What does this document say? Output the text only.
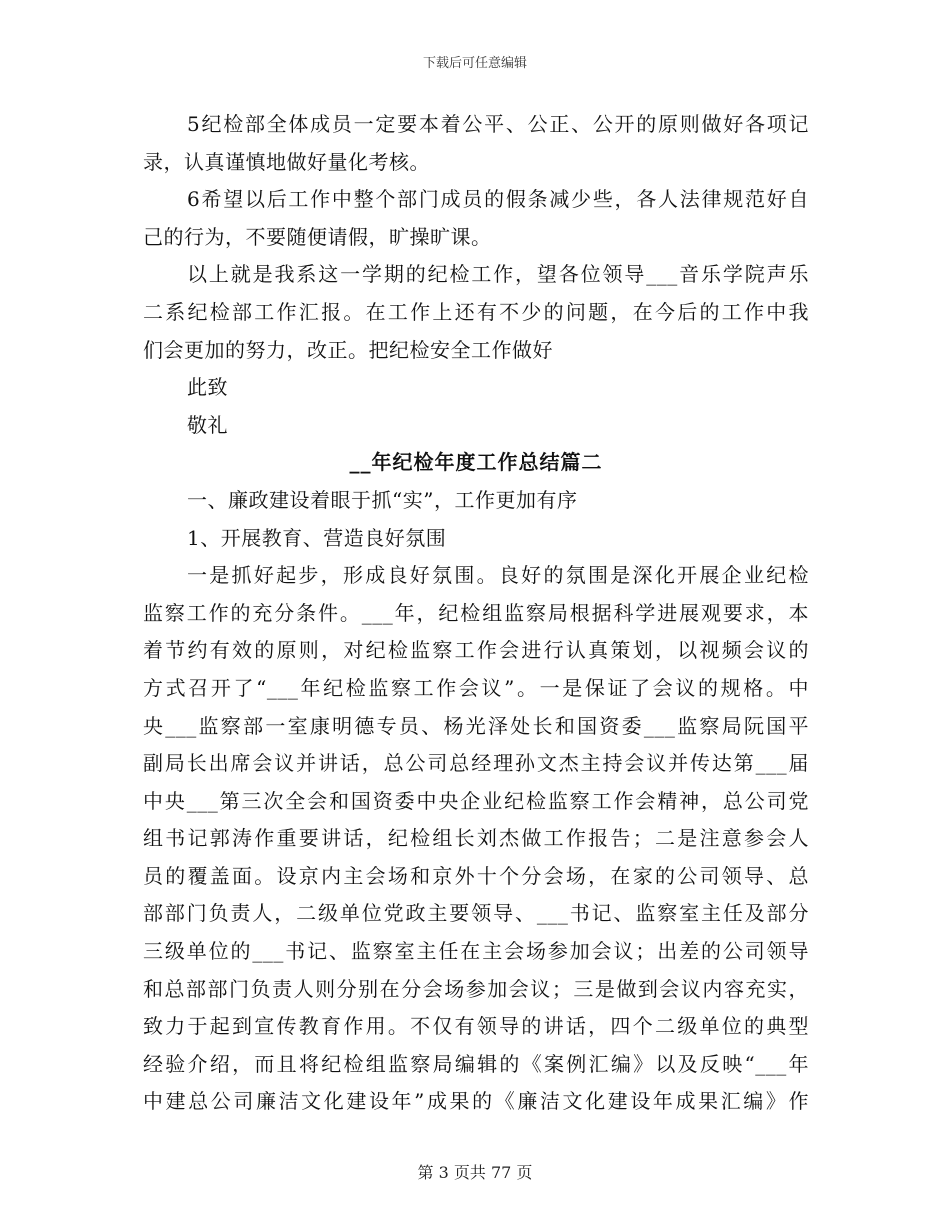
下载后可任意编辑
5纪检部全体成员一定要本着公平、公正、公开的原则做好各项记
录，认真谨慎地做好量化考核。
6希望以后工作中整个部门成员的假条减少些，各人法律规范好自
己的行为，不要随便请假，旷操旷课。
以上就是我系这一学期的纪检工作，望各位领导___音乐学院声乐
二系纪检部工作汇报。在工作上还有不少的问题，在今后的工作中我
们会更加的努力，改正。把纪检安全工作做好
此致
敬礼
__年纪检年度工作总结篇二
一、廉政建设着眼于抓“实”，工作更加有序
1、开展教育、营造良好氛围
一是抓好起步，形成良好氛围。良好的氛围是深化开展企业纪检
监察工作的充分条件。___年，纪检组监察局根据科学进展观要求，本
着节约有效的原则，对纪检监察工作会进行认真策划，以视频会议的
方式召开了“___年纪检监察工作会议”。一是保证了会议的规格。中
央___监察部一室康明德专员、杨光泽处长和国资委___监察局阮国平
副局长出席会议并讲话，总公司总经理孙文杰主持会议并传达第___届
中央___第三次全会和国资委中央企业纪检监察工作会精神，总公司党
组书记郭涛作重要讲话，纪检组长刘杰做工作报告；二是注意参会人
员的覆盖面。设京内主会场和京外十个分会场，在家的公司领导、总
部部门负责人，二级单位党政主要领导、___书记、监察室主任及部分
三级单位的___书记、监察室主任在主会场参加会议；出差的公司领导
和总部部门负责人则分别在分会场参加会议；三是做到会议内容充实，
致力于起到宣传教育作用。不仅有领导的讲话，四个二级单位的典型
经验介绍，而且将纪检组监察局编辑的《案例汇编》以及反映“___年
中建总公司廉洁文化建设年”成果的《廉洁文化建设年成果汇编》作
第 3 页共 77 页
